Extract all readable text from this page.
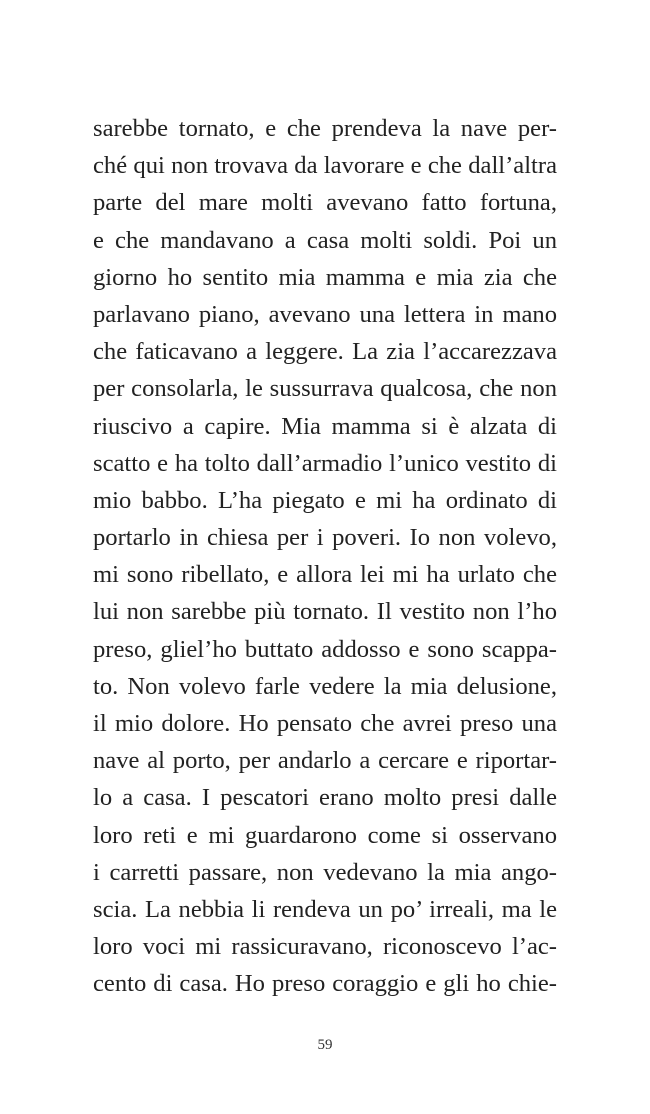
sarebbe tornato, e che prendeva la nave per-
ché qui non trovava da lavorare e che dall’altra
parte del mare molti avevano fatto fortuna,
e che mandavano a casa molti soldi. Poi un
giorno ho sentito mia mamma e mia zia che
parlavano piano, avevano una lettera in mano
che faticavano a leggere. La zia l’accarezzava
per consolarla, le sussurrava qualcosa, che non
riuscivo a capire. Mia mamma si è alzata di
scatto e ha tolto dall’armadio l’unico vestito di
mio babbo. L’ha piegato e mi ha ordinato di
portarlo in chiesa per i poveri. Io non volevo,
mi sono ribellato, e allora lei mi ha urlato che
lui non sarebbe più tornato. Il vestito non l’ho
preso, gliel’ho buttato addosso e sono scappa-
to. Non volevo farle vedere la mia delusione,
il mio dolore. Ho pensato che avrei preso una
nave al porto, per andarlo a cercare e riportar-
lo a casa. I pescatori erano molto presi dalle
loro reti e mi guardarono come si osservano
i carretti passare, non vedevano la mia ango-
scia. La nebbia li rendeva un po’ irreali, ma le
loro voci mi rassicuravano, riconoscevo l’ac-
cento di casa. Ho preso coraggio e gli ho chie-
59
